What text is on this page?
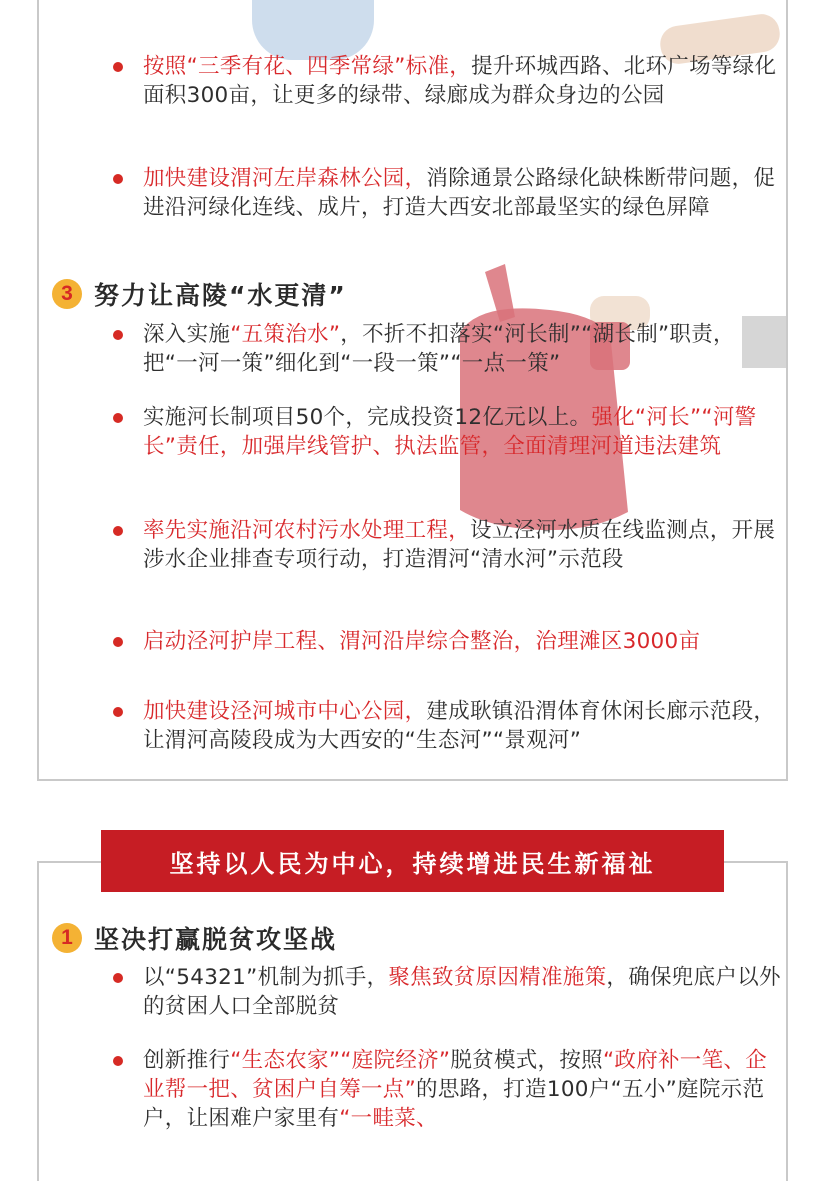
按照“三季有花、四季常绿”标准，提升环城西路、北环广场等绿化面积300亩，让更多的绿带、绿廊成为群众身边的公园
加快建设渭河左岸森林公园，消除通景公路绿化缺株断带问题，促进沿河绿化连线、成片，打造大西安北部最坚实的绿色屏障
3 努力让高陵“水更清”
深入实施“五策治水”，不折不扣落实“河长制”“湖长制”职责，把“一河一策”细化到“一段一策”“一点一策”
实施河长制项目50个，完成投资12亿元以上。强化“河长”“河警长”责任，加强岸线管护、执法监管，全面清理河道违法建筑
率先实施沿河农村污水处理工程，设立泾河水质在线监测点，开展涉水企业排查专项行动，打造渭河“清水河”示范段
启动泾河护岸工程、渭河沿岸综合整治，治理滩区3000亩
加快建设泾河城市中心公园，建成耿镇沿渭体育休闲长廊示范段，让渭河高陵段成为大西安的“生态河”“景观河”
坚持以人民为中心，持续增进民生新福祉
1 坚决打赢脱贫攻坚战
以“54321”机制为抓手，聚焦致贫原因精准施策，确保兜底户以外的贫困人口全部脱贫
创新推行“生态农家”“庭院经济”脱贫模式，按照“政府补一笔、企业帮一把、贫困户自筹一点”的思路，打造100户“五小”庭院示范户，让困难户家里有“一畦菜、
